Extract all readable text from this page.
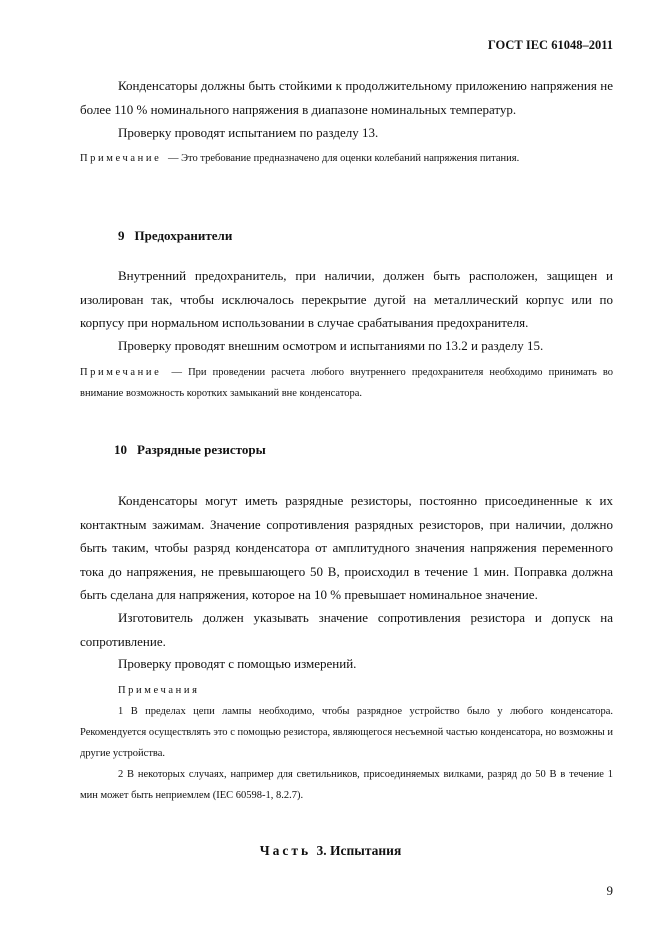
ГОСТ IEC 61048–2011

Конденсаторы должны быть стойкими к продолжительному приложению напряжения не более 110 % номинального напряжения в диапазоне номинальных температур.

Проверку проводят испытанием по разделу 13.

Примечание — Это требование предназначено для оценки колебаний напряжения питания.

9 Предохранители

Внутренний предохранитель, при наличии, должен быть расположен, защищен и изолирован так, чтобы исключалось перекрытие дугой на металлический корпус или по корпусу при нормальном использовании в случае срабатывания предохранителя.

Проверку проводят внешним осмотром и испытаниями по 13.2 и разделу 15.

Примечание — При проведении расчета любого внутреннего предохранителя необходимо принимать во внимание возможность коротких замыканий вне конденсатора.

10 Разрядные резисторы

Конденсаторы могут иметь разрядные резисторы, постоянно присоединенные к их контактным зажимам. Значение сопротивления разрядных резисторов, при наличии, должно быть таким, чтобы разряд конденсатора от амплитудного значения напряжения переменного тока до напряжения, не превышающего 50 В, происходил в течение 1 мин. Поправка должна быть сделана для напряжения, которое на 10 % превышает номинальное значение.

Изготовитель должен указывать значение сопротивления резистора и допуск на сопротивление.

Проверку проводят с помощью измерений.

Примечания

1 В пределах цепи лампы необходимо, чтобы разрядное устройство было у любого конденсатора. Рекомендуется осуществлять это с помощью резистора, являющегося несъемной частью конденсатора, но возможны и другие устройства.

2 В некоторых случаях, например для светильников, присоединяемых вилками, разряд до 50 В в течение 1 мин может быть неприемлем (IEC 60598-1, 8.2.7).

Часть 3. Испытания
9
